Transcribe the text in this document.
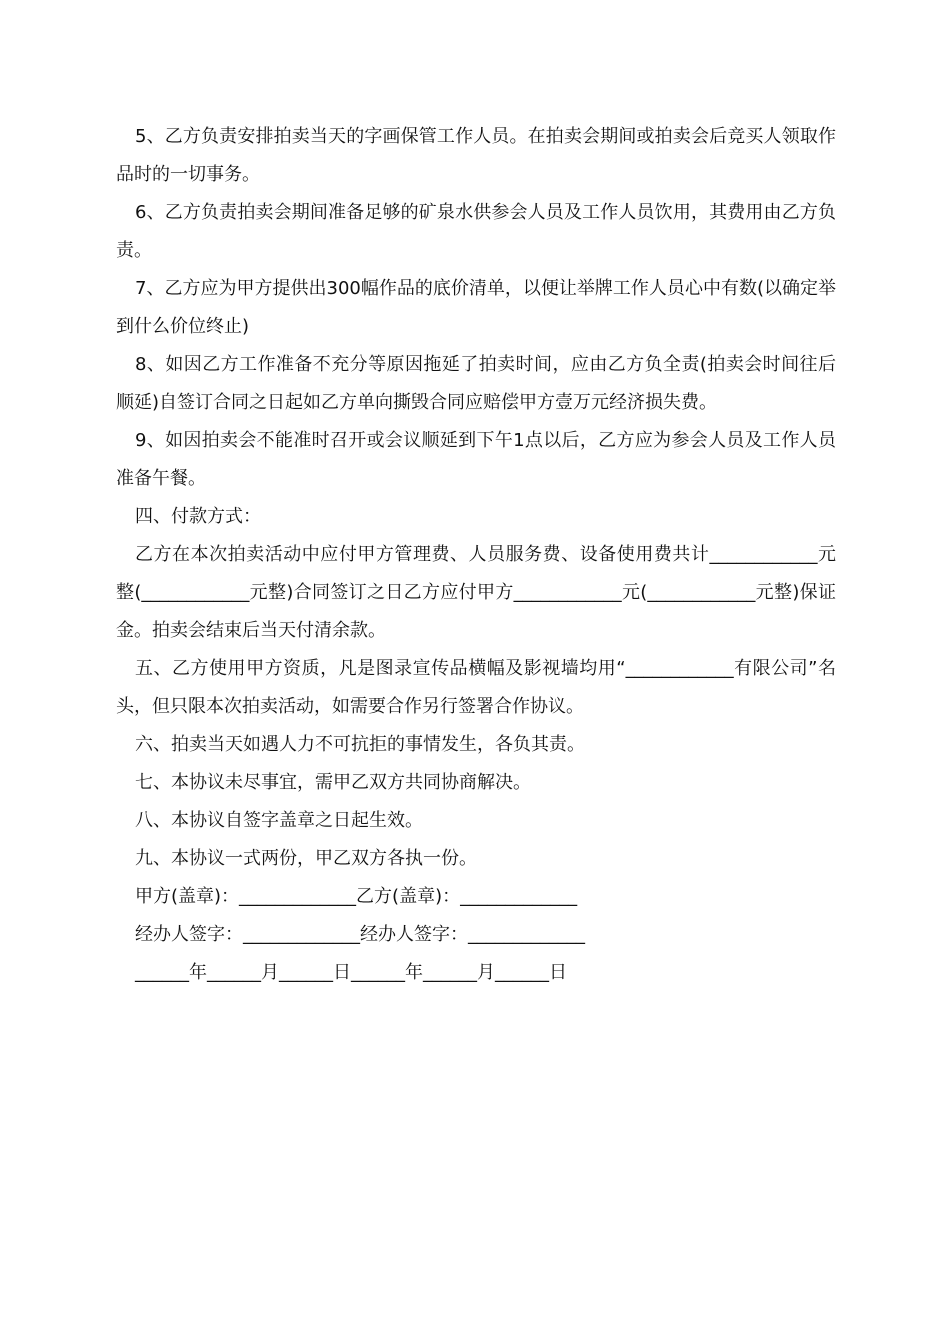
5、乙方负责安排拍卖当天的字画保管工作人员。在拍卖会期间或拍卖会后竞买人领取作品时的一切事务。

6、乙方负责拍卖会期间准备足够的矿泉水供参会人员及工作人员饮用，其费用由乙方负责。

7、乙方应为甲方提供出300幅作品的底价清单，以便让举牌工作人员心中有数(以确定举到什么价位终止)

8、如因乙方工作准备不充分等原因拖延了拍卖时间，应由乙方负全责(拍卖会时间往后顺延)自签订合同之日起如乙方单向撕毁合同应赔偿甲方壹万元经济损失费。

9、如因拍卖会不能准时召开或会议顺延到下午1点以后，乙方应为参会人员及工作人员准备午餐。

四、付款方式：

乙方在本次拍卖活动中应付甲方管理费、人员服务费、设备使用费共计____________元整(____________元整)合同签订之日乙方应付甲方____________元(____________元整)保证金。拍卖会结束后当天付清余款。

五、乙方使用甲方资质，凡是图录宣传品横幅及影视墙均用“____________有限公司”名头，但只限本次拍卖活动，如需要合作另行签署合作协议。

六、拍卖当天如遇人力不可抗拒的事情发生，各负其责。

七、本协议未尽事宜，需甲乙双方共同协商解决。

八、本协议自签字盖章之日起生效。

九、本协议一式两份，甲乙双方各执一份。

甲方(盖章)：_____________乙方(盖章)：_____________

经办人签字：_____________经办人签字：_____________

______年______月______日______年______月______日
